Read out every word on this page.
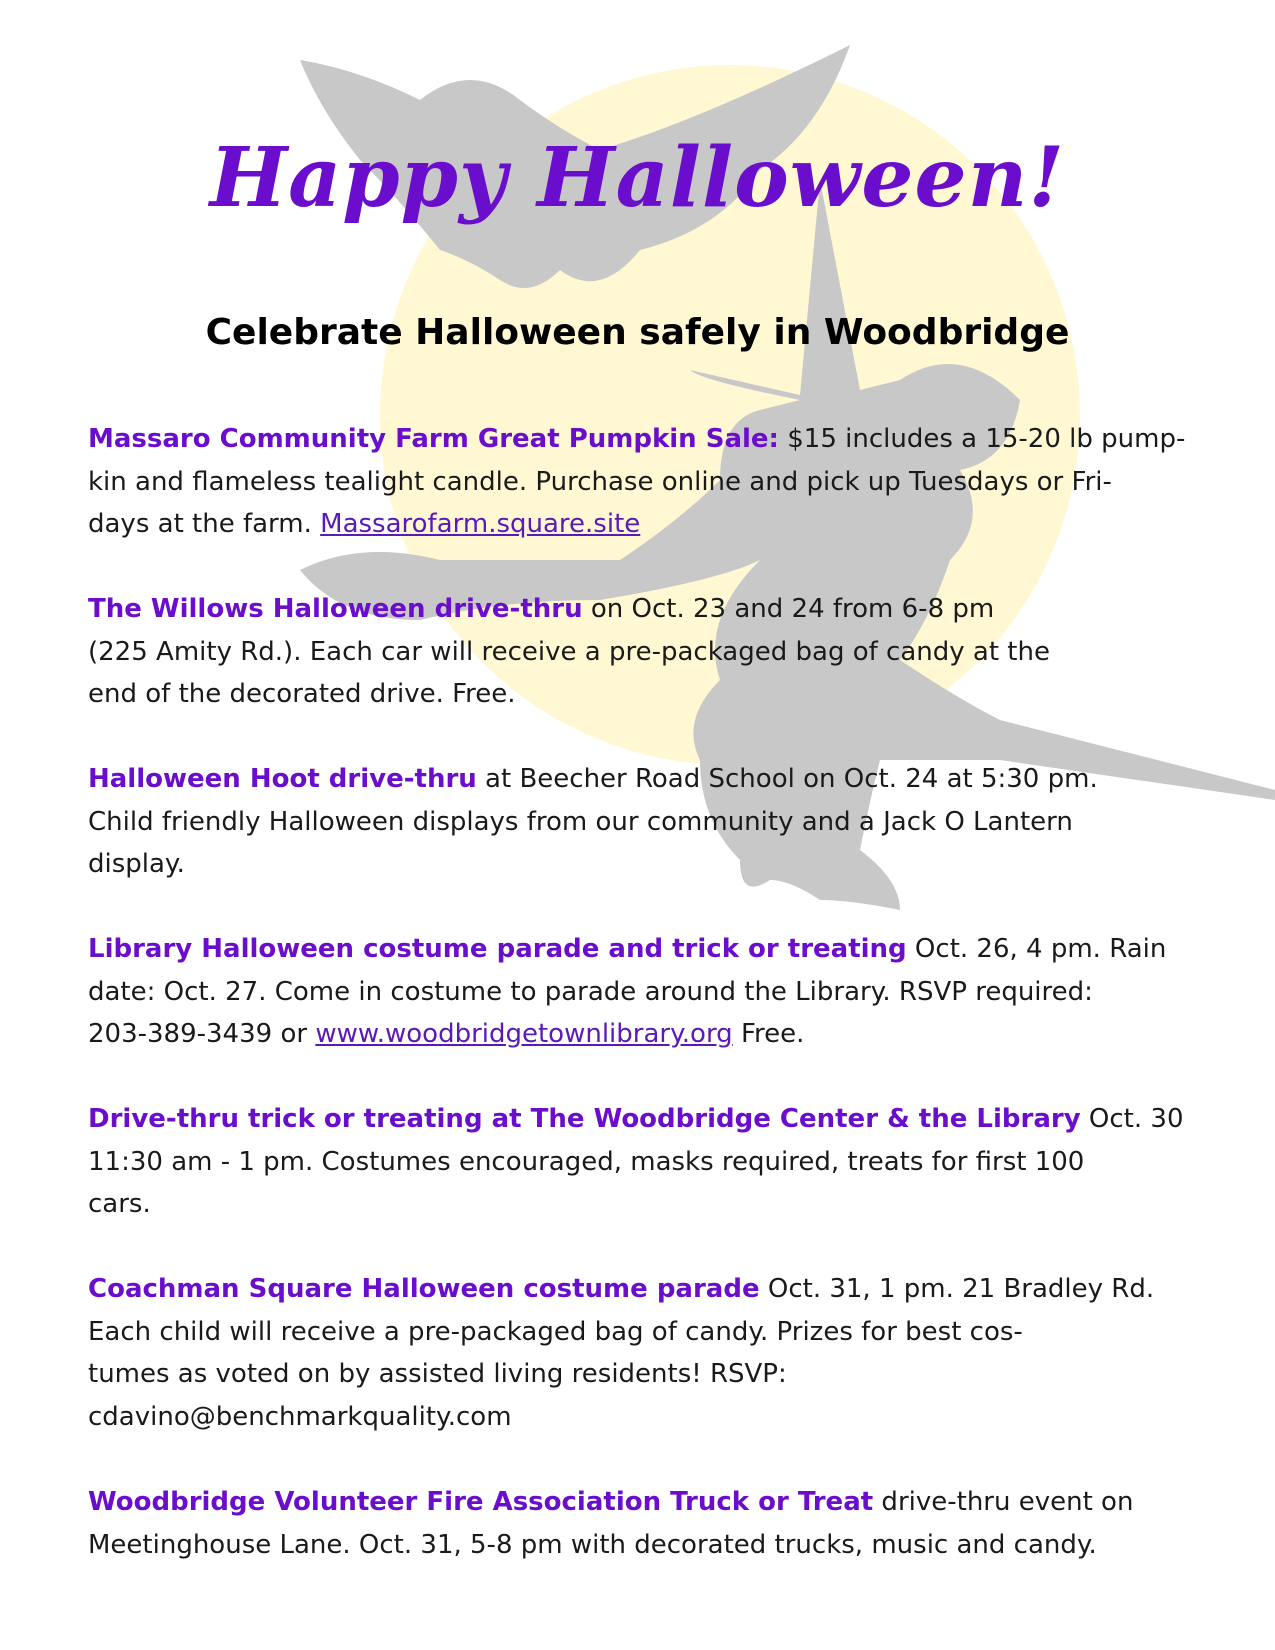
Happy Halloween!
Celebrate Halloween safely in Woodbridge
Massaro Community Farm Great Pumpkin Sale: $15 includes a 15-20 lb pump-
kin and flameless tealight candle. Purchase online and pick up Tuesdays or Fri-
days at the farm. Massarofarm.square.site
The Willows Halloween drive-thru on Oct. 23 and 24 from 6-8 pm
(225 Amity Rd.). Each car will receive a pre-packaged bag of candy at the
end of the decorated drive. Free.
Halloween Hoot drive-thru at Beecher Road School on Oct. 24 at 5:30 pm.
Child friendly Halloween displays from our community and a Jack O Lantern
display.
Library Halloween costume parade and trick or treating Oct. 26, 4 pm. Rain
date: Oct. 27. Come in costume to parade around the Library. RSVP required:
203-389-3439 or www.woodbridgetownlibrary.org Free.
Drive-thru trick or treating at The Woodbridge Center & the Library Oct. 30
11:30 am - 1 pm. Costumes encouraged, masks required, treats for first 100
cars.
Coachman Square Halloween costume parade Oct. 31, 1 pm. 21 Bradley Rd.
Each child will receive a pre-packaged bag of candy. Prizes for best cos-
tumes as voted on by assisted living residents! RSVP:
cdavino@benchmarkquality.com
Woodbridge Volunteer Fire Association Truck or Treat drive-thru event on
Meetinghouse Lane. Oct. 31, 5-8 pm with decorated trucks, music and candy.
